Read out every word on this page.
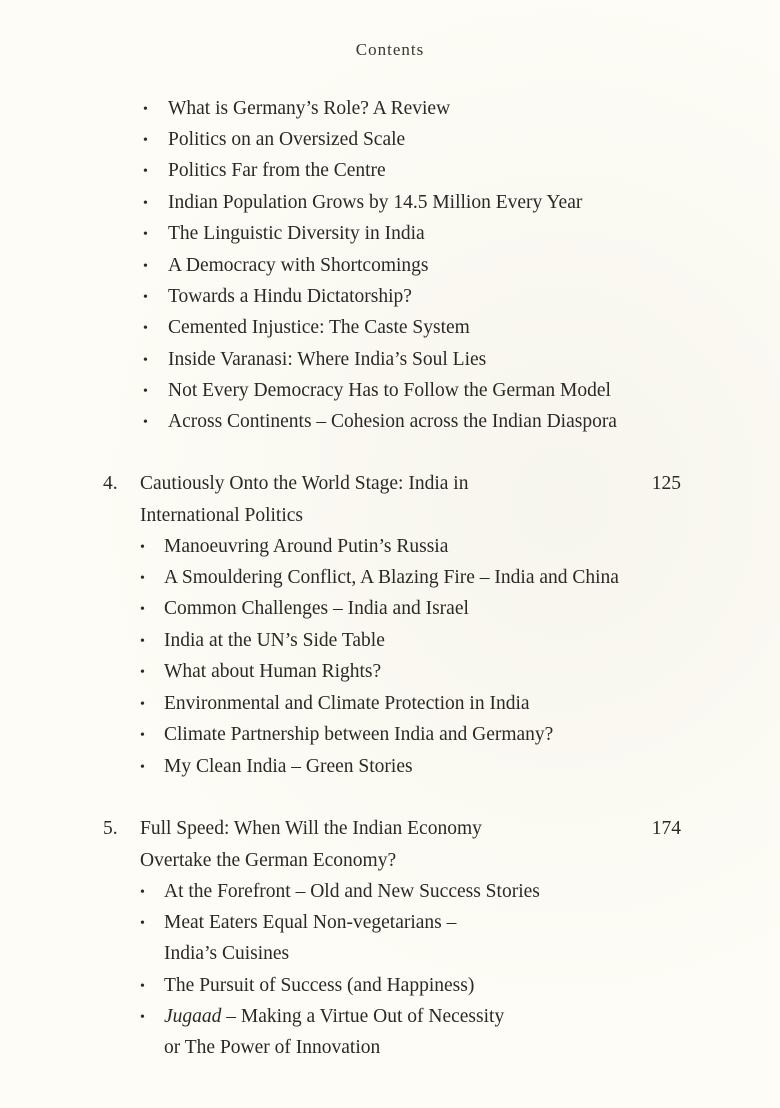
Contents
• What is Germany’s Role? A Review
• Politics on an Oversized Scale
• Politics Far from the Centre
• Indian Population Grows by 14.5 Million Every Year
• The Linguistic Diversity in India
• A Democracy with Shortcomings
• Towards a Hindu Dictatorship?
• Cemented Injustice: The Caste System
• Inside Varanasi: Where India’s Soul Lies
• Not Every Democracy Has to Follow the German Model
• Across Continents – Cohesion across the Indian Diaspora
4. Cautiously Onto the World Stage: India in
International Politics
125
• Manoeuvring Around Putin’s Russia
• A Smouldering Conflict, A Blazing Fire – India and China
• Common Challenges – India and Israel
• India at the UN’s Side Table
• What about Human Rights?
• Environmental and Climate Protection in India
• Climate Partnership between India and Germany?
• My Clean India – Green Stories
5. Full Speed: When Will the Indian Economy
Overtake the German Economy?
174
• At the Forefront – Old and New Success Stories
• Meat Eaters Equal Non-vegetarians –
India’s Cuisines
• The Pursuit of Success (and Happiness)
• Jugaad – Making a Virtue Out of Necessity
or The Power of Innovation
